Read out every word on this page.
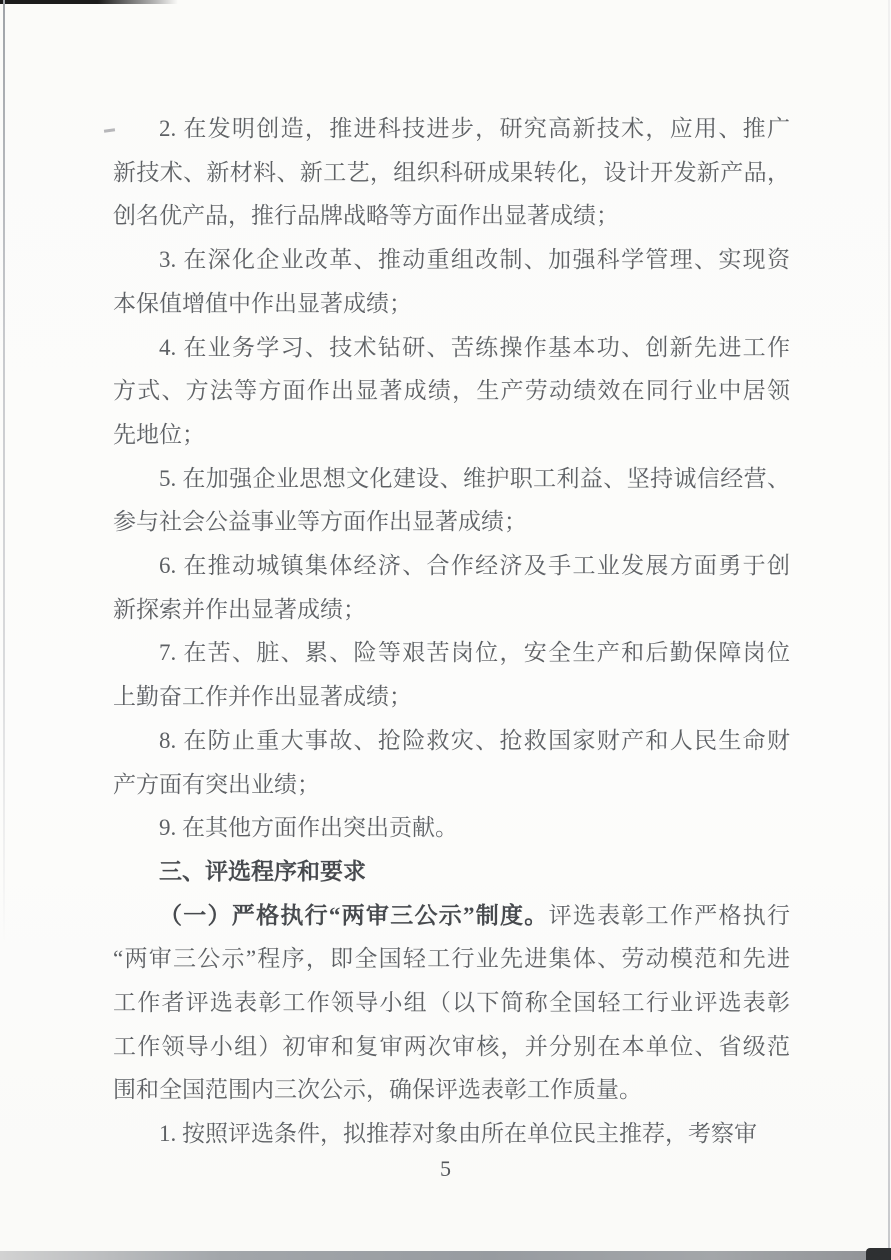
2. 在发明创造，推进科技进步，研究高新技术，应用、推广
新技术、新材料、新工艺，组织科研成果转化，设计开发新产品，
创名优产品，推行品牌战略等方面作出显著成绩；
3. 在深化企业改革、推动重组改制、加强科学管理、实现资
本保值增值中作出显著成绩；
4. 在业务学习、技术钻研、苦练操作基本功、创新先进工作
方式、方法等方面作出显著成绩，生产劳动绩效在同行业中居领
先地位；
5. 在加强企业思想文化建设、维护职工利益、坚持诚信经营、
参与社会公益事业等方面作出显著成绩；
6. 在推动城镇集体经济、合作经济及手工业发展方面勇于创
新探索并作出显著成绩；
7. 在苦、脏、累、险等艰苦岗位，安全生产和后勤保障岗位
上勤奋工作并作出显著成绩；
8. 在防止重大事故、抢险救灾、抢救国家财产和人民生命财
产方面有突出业绩；
9. 在其他方面作出突出贡献。
三、评选程序和要求
（一）严格执行“两审三公示”制度。评选表彰工作严格执行
“两审三公示”程序，即全国轻工行业先进集体、劳动模范和先进
工作者评选表彰工作领导小组（以下简称全国轻工行业评选表彰
工作领导小组）初审和复审两次审核，并分别在本单位、省级范
围和全国范围内三次公示，确保评选表彰工作质量。
1. 按照评选条件，拟推荐对象由所在单位民主推荐，考察审
5
